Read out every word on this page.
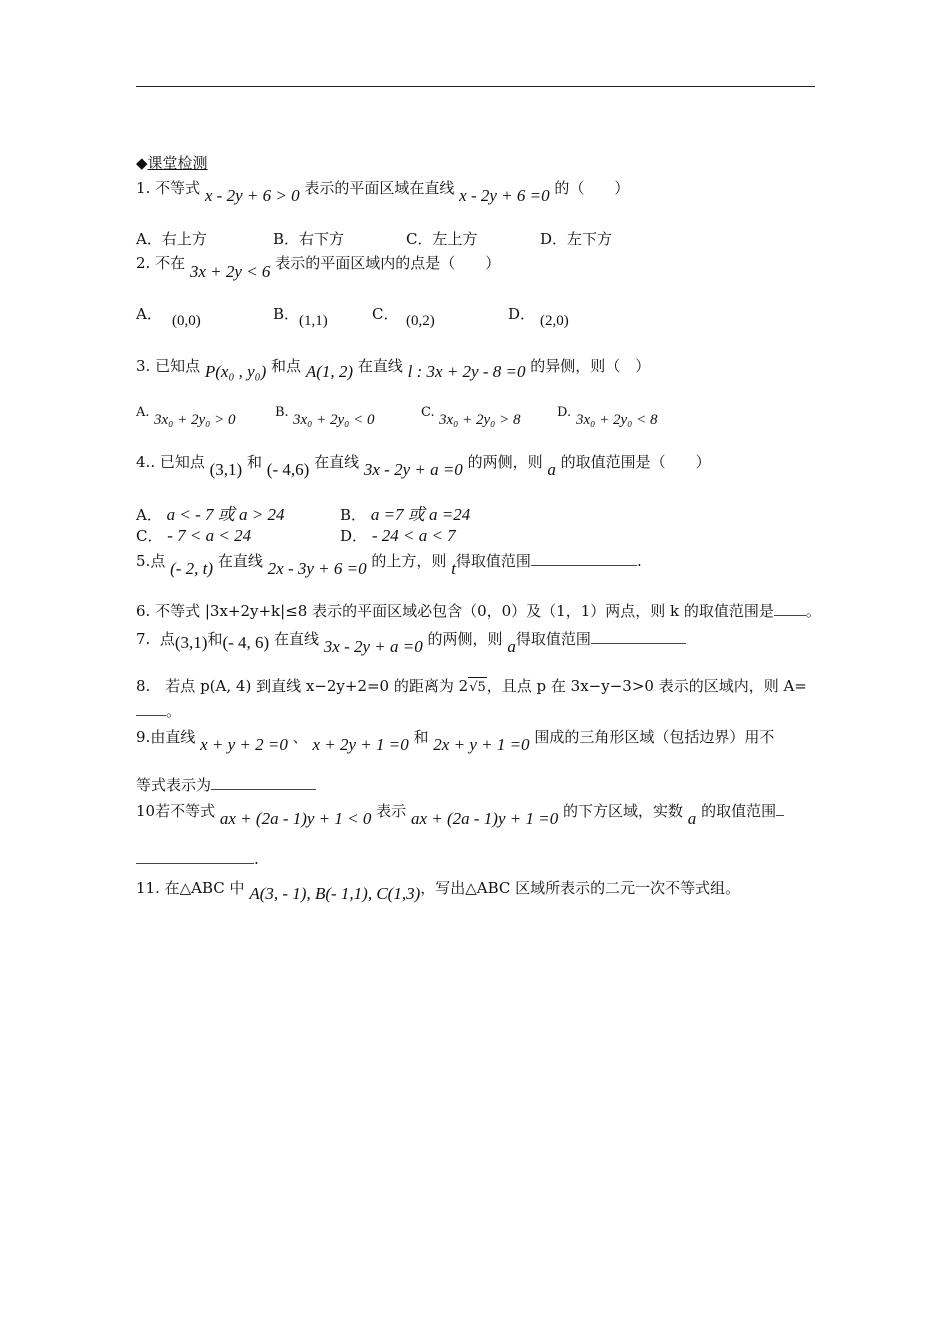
◆课堂检测
1. 不等式 x - 2y + 6 > 0 表示的平面区域在直线 x - 2y + 6 =0 的（　　）
A．右上方	B．右下方	C．左上方	D．左下方
2. 不在 3x + 2y < 6 表示的平面区域内的点是（　　）
A． (0,0)	B． (1,1)	C． (0,2)	D． (2,0)
3. 已知点 P(x₀ , y₀) 和点 A(1, 2) 在直线 l : 3x + 2y - 8 =0 的异侧，则（　）
A. 3x₀ + 2y₀ > 0	B. 3x₀ + 2y₀ < 0	C. 3x₀ + 2y₀ > 8	D. 3x₀ + 2y₀ < 8
4.. 已知点 (3,1) 和 (- 4,6) 在直线 3x - 2y + a =0 的两侧，则 a 的取值范围是（　　）
A． a < - 7 或 a > 24	B． a =7 或 a =24
C． - 7 < a < 24	D． - 24 < a < 7
5.点 (- 2, t) 在直线 2x - 3y + 6 =0 的上方，则 t得取值范围	.
6. 不等式 |3x+2y+k|≤8 表示的平面区域必包含（0，0）及（1，1）两点，则 k 的取值范围是 。
7. 点(3,1)和(- 4, 6) 在直线 3x - 2y + a =0 的两侧，则 a得取值范围
8.　若点 p(A, 4) 到直线 x−2y+2=0 的距离为 2√5，且点 p 在 3x−y−3>0 表示的区域内，则 A=
。
9.由直线 x + y + 2 =0 、 x + 2y + 1 =0 和 2x + y + 1 =0 围成的三角形区域（包括边界）用不
等式表示为
10若不等式 ax + (2a - 1)y + 1 < 0 表示 ax + (2a - 1)y + 1 =0 的下方区域，实数 a 的取值范围
.
11. 在△ABC 中 A(3, - 1), B(- 1,1), C(1,3)，写出△ABC 区域所表示的二元一次不等式组。
